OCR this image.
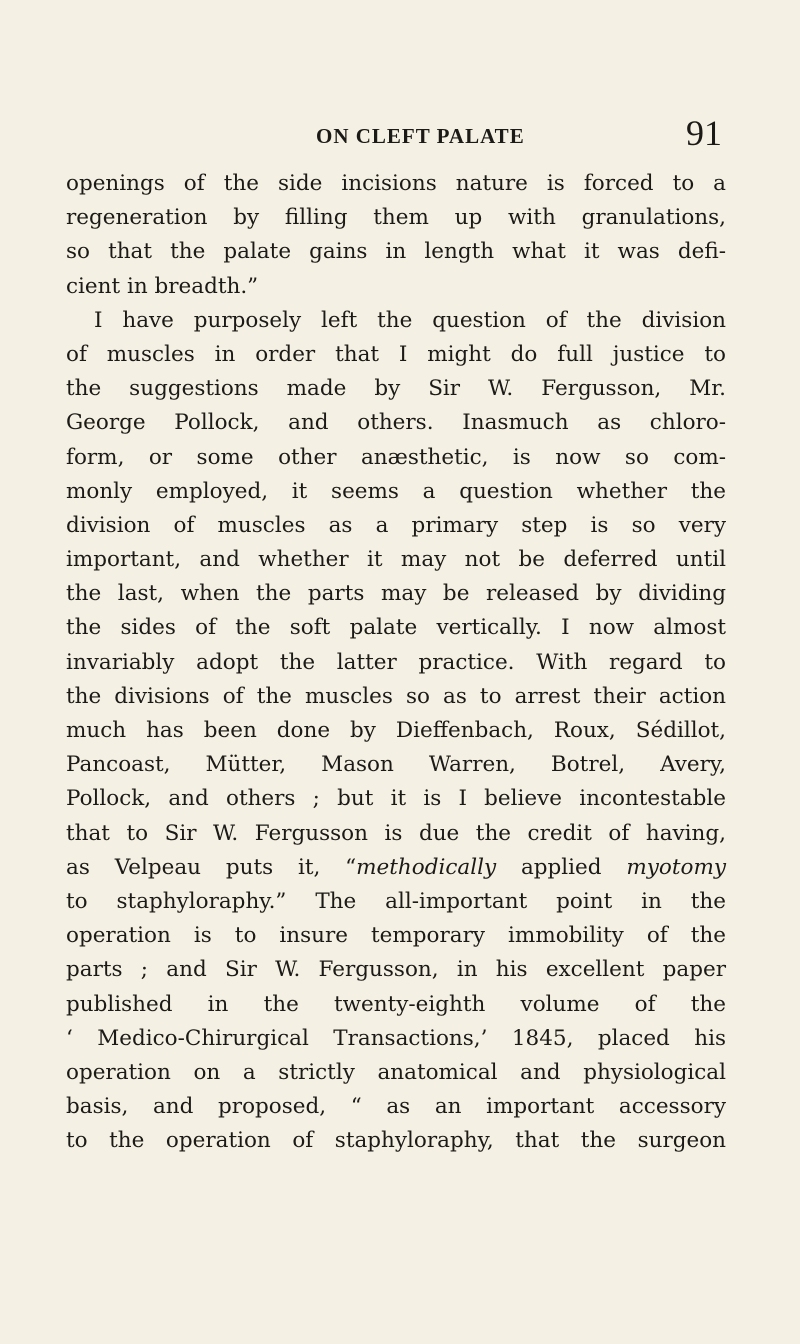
ON CLEFT PALATE	91
openings of the side incisions nature is forced to a
regeneration by filling them up with granulations,
so that the palate gains in length what it was defi-
cient in breadth.”
I have purposely left the question of the division
of muscles in order that I might do full justice to
the suggestions made by Sir W. Fergusson, Mr.
George Pollock, and others. Inasmuch as chloro-
form, or some other anæsthetic, is now so com-
monly employed, it seems a question whether the
division of muscles as a primary step is so very
important, and whether it may not be deferred until
the last, when the parts may be released by dividing
the sides of the soft palate vertically. I now almost
invariably adopt the latter practice. With regard to
the divisions of the muscles so as to arrest their action
much has been done by Dieffenbach, Roux, Sédillot,
Pancoast, Mütter, Mason Warren, Botrel, Avery,
Pollock, and others ; but it is I believe incontestable
that to Sir W. Fergusson is due the credit of having,
as Velpeau puts it, “methodically applied myotomy
to staphyloraphy.” The all-important point in the
operation is to insure temporary immobility of the
parts ; and Sir W. Fergusson, in his excellent paper
published in the twenty-eighth volume of the
‘ Medico-Chirurgical Transactions,’ 1845, placed his
operation on a strictly anatomical and physiological
basis, and proposed, “ as an important accessory
to the operation of staphyloraphy, that the surgeon
